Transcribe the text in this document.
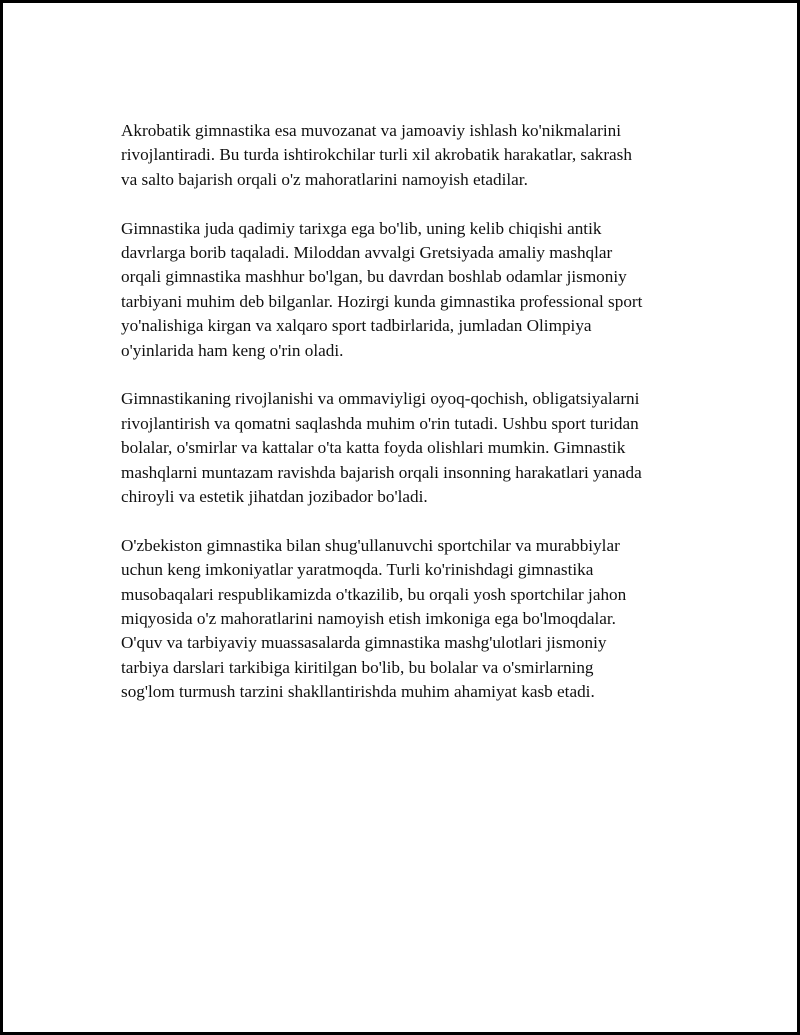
Akrobatik gimnastika esa muvozanat va jamoaviy ishlash ko'nikmalarini
rivojlantiradi. Bu turda ishtirokchilar turli xil akrobatik harakatlar, sakrash
va salto bajarish orqali o'z mahoratlarini namoyish etadilar.

Gimnastika juda qadimiy tarixga ega bo'lib, uning kelib chiqishi antik
davrlarga borib taqaladi. Miloddan avvalgi Gretsiyada amaliy mashqlar
orqali gimnastika mashhur bo'lgan, bu davrdan boshlab odamlar jismoniy
tarbiyani muhim deb bilganlar. Hozirgi kunda gimnastika professional sport
yo'nalishiga kirgan va xalqaro sport tadbirlarida, jumladan Olimpiya
o'yinlarida ham keng o'rin oladi.

Gimnastikaning rivojlanishi va ommaviyligi oyoq-qochish, obligatsiyalarni
rivojlantirish va qomatni saqlashda muhim o'rin tutadi. Ushbu sport turidan
bolalar, o'smirlar va kattalar o'ta katta foyda olishlari mumkin. Gimnastik
mashqlarni muntazam ravishda bajarish orqali insonning harakatlari yanada
chiroyli va estetik jihatdan jozibador bo'ladi.

O'zbekiston gimnastika bilan shug'ullanuvchi sportchilar va murabbiylar
uchun keng imkoniyatlar yaratmoqda. Turli ko'rinishdagi gimnastika
musobaqalari respublikamizda o'tkazilib, bu orqali yosh sportchilar jahon
miqyosida o'z mahoratlarini namoyish etish imkoniga ega bo'lmoqdalar.
O'quv va tarbiyaviy muassasalarda gimnastika mashg'ulotlari jismoniy
tarbiya darslari tarkibiga kiritilgan bo'lib, bu bolalar va o'smirlarning
sog'lom turmush tarzini shakllantirishda muhim ahamiyat kasb etadi.
